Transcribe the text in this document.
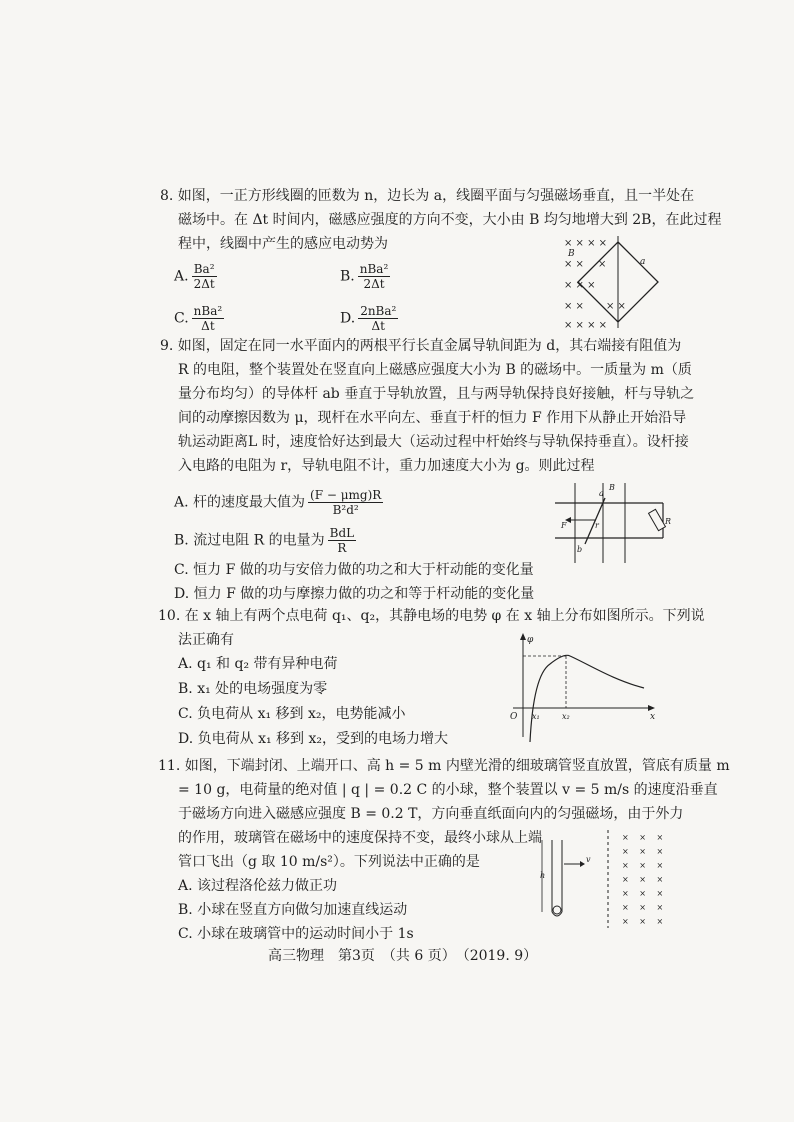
8. 如图，一正方形线圈的匝数为 n，边长为 a，线圈平面与匀强磁场垂直，且一半处在
磁场中。在 Δt 时间内，磁感应强度的方向不变，大小由 B 均匀地增大到 2B，在此过程
程中，线圈中产生的感应电动势为
A. $\frac{\text{Ba²}}{2\Delta t}$	B. $\frac{\text{nBa²}}{2\Delta t}$
C. $\frac{\text{nBa²}}{\Delta t}$	D. $\frac{\text{2nBa²}}{\Delta t}$
× × × ×
× ×
× × ×
× ×
× × × ×
×
× ×
B
a
9. 如图，固定在同一水平面内的两根平行长直金属导轨间距为 d，其右端接有阻值为
R 的电阻，整个装置处在竖直向上磁感应强度大小为 B 的磁场中。一质量为 m（质
量分布均匀）的导体杆 ab 垂直于导轨放置，且与两导轨保持良好接触，杆与导轨之
间的动摩擦因数为 μ，现杆在水平向左、垂直于杆的恒力 F 作用下从静止开始沿导
轨运动距离L 时，速度恰好达到最大（运动过程中杆始终与导轨保持垂直）。设杆接
入电路的电阻为 r，导轨电阻不计，重力加速度大小为 g。则此过程
A. 杆的速度最大值为 $\frac{\text{(F − μmg)R}}{\text{B²d²}}$
B. 流过电阻 R 的电量为 $\frac{\text{BdL}}{R}$
C. 恒力 F 做的功与安倍力做的功之和大于杆动能的变化量
D. 恒力 F 做的功与摩擦力做的功之和等于杆动能的变化量
a
b
B
F	r	R
10. 在 x 轴上有两个点电荷 q₁、q₂，其静电场的电势 φ 在 x 轴上分布如图所示。下列说
法正确有
A. q₁ 和 q₂ 带有异种电荷
B. x₁ 处的电场强度为零
C. 负电荷从 x₁ 移到 x₂，电势能减小
D. 负电荷从 x₁ 移到 x₂，受到的电场力增大
φ
O x₁	x₂	x
11. 如图，下端封闭、上端开口、高 h = 5 m 内壁光滑的细玻璃管竖直放置，管底有质量 m
= 10 g，电荷量的绝对值 | q | = 0.2 C 的小球，整个装置以 v = 5 m/s 的速度沿垂直
于磁场方向进入磁感应强度 B = 0.2 T，方向垂直纸面向内的匀强磁场，由于外力
的作用，玻璃管在磁场中的速度保持不变，最终小球从上端
管口飞出（g 取 10 m/s²）。下列说法中正确的是
A. 该过程洛伦兹力做正功
B. 小球在竖直方向做匀加速直线运动
C. 小球在玻璃管中的运动时间小于 1s
h
v
×　 ×　 ×
×　 ×　 ×
×　 ×　 ×
×　 ×　 ×
×　 ×　 ×
×　 ×　 ×
×　 ×　 ×
高三物理　第3页　（共 6 页）　（2019. 9）
